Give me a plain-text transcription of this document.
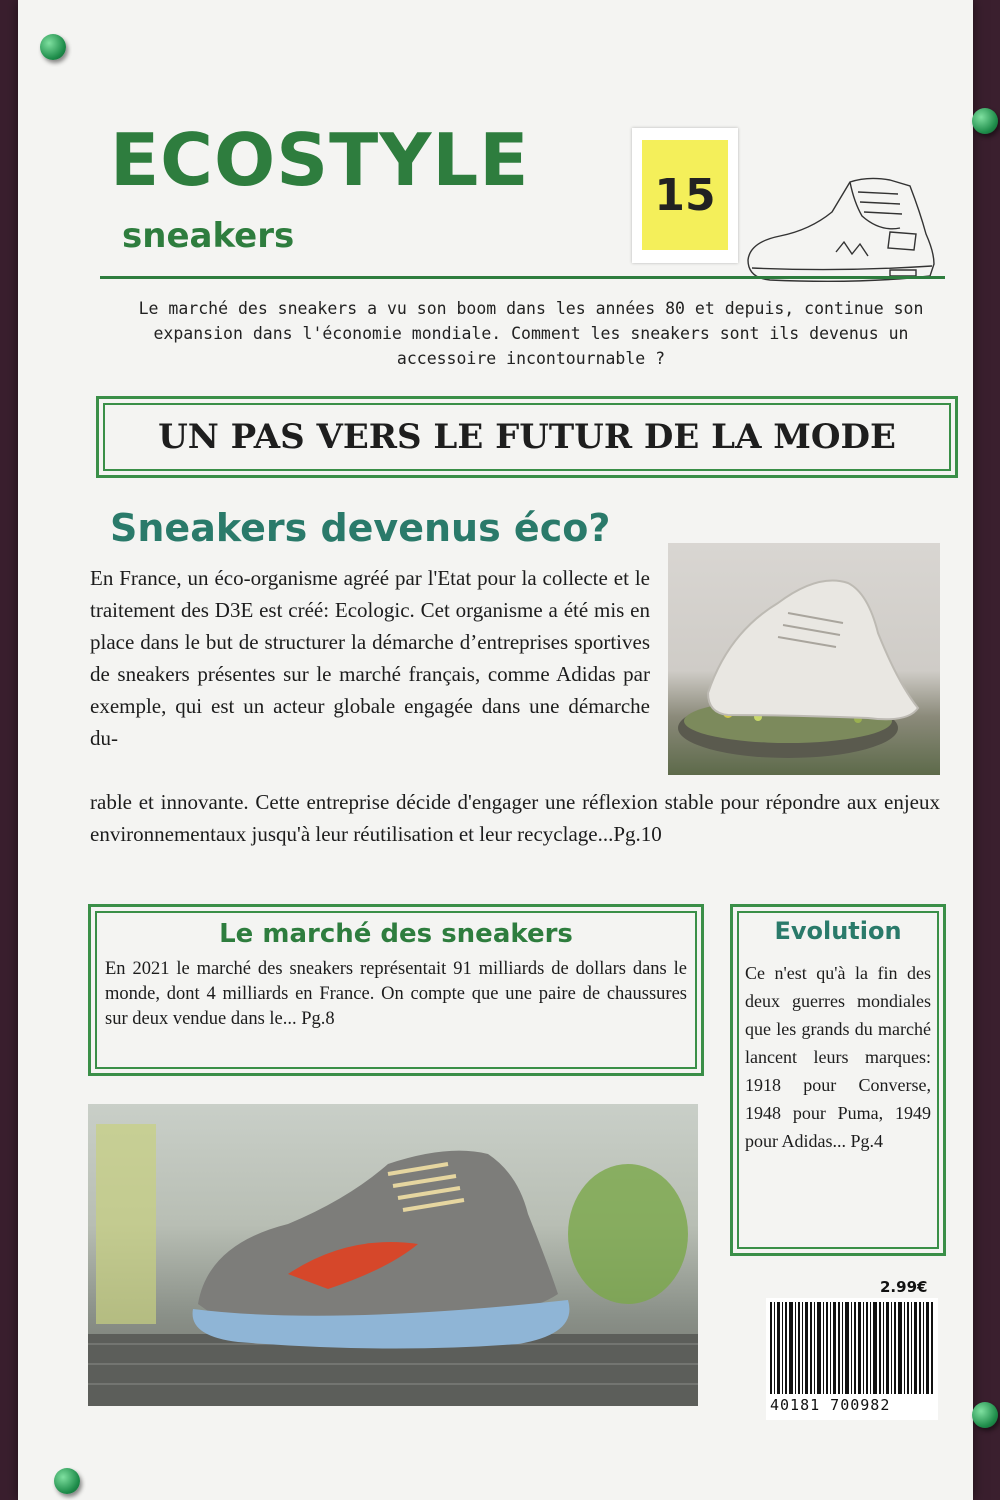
ECOSTYLE
sneakers
15
Le marché des sneakers a vu son boom dans les années 80 et depuis, continue son expansion dans l'économie mondiale. Comment les sneakers sont ils devenus un accessoire incontournable ?
UN PAS VERS LE FUTUR DE LA MODE
Sneakers devenus éco?
En France, un éco-organisme agréé par l'Etat pour la collecte et le traitement des D3E est créé: Ecologic. Cet organisme a été mis en place dans le but de structurer la démarche d’entreprises sportives de sneakers présentes sur le marché français, comme Adidas par exemple, qui est un acteur globale engagée dans une démarche du-
rable et innovante. Cette entreprise décide d'engager une réflexion stable pour répondre aux enjeux environnementaux jusqu'à leur réutilisation et leur recyclage...Pg.10
Le marché des sneakers
En 2021 le marché des sneakers représentait 91 milliards de dollars dans le monde, dont 4 milliards en France. On compte que une paire de chaussures sur deux vendue dans le... Pg.8
Evolution
Ce n'est qu'à la fin des deux guerres mondiales que les grands du marché lancent leurs marques: 1918 pour Converse, 1948 pour Puma, 1949 pour Adidas... Pg.4
2.99€
40181 700982
